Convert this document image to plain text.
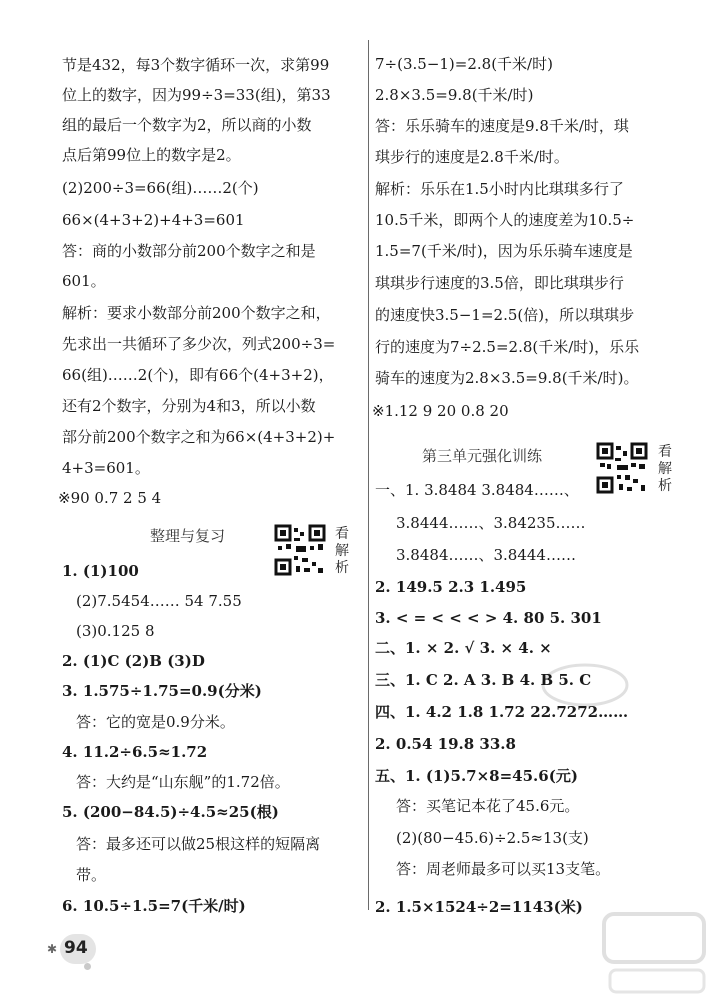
节是432，每3个数字循环一次，求第99
位上的数字，因为99÷3=33(组)，第33
组的最后一个数字为2，所以商的小数
点后第99位上的数字是2。
(2)200÷3=66(组)……2(个)
66×(4+3+2)+4+3=601
答：商的小数部分前200个数字之和是
601。
解析：要求小数部分前200个数字之和，
先求出一共循环了多少次，列式200÷3=
66(组)……2(个)，即有66个(4+3+2)，
还有2个数字，分别为4和3，所以小数
部分前200个数字之和为66×(4+3+2)+
4+3=601。
※90 0.7 2 5 4
整理与复习	看解析
1. (1)100
(2)7.5454…… 54 7.55
(3)0.125 8
2. (1)C (2)B (3)D
3. 1.575÷1.75=0.9(分米)
答：它的宽是0.9分米。
4. 11.2÷6.5≈1.72
答：大约是“山东舰”的1.72倍。
5. (200−84.5)÷4.5≈25(根)
答：最多还可以做25根这样的短隔离
带。
6. 10.5÷1.5=7(千米/时)
7÷(3.5−1)=2.8(千米/时)
2.8×3.5=9.8(千米/时)
答：乐乐骑车的速度是9.8千米/时，琪
琪步行的速度是2.8千米/时。
解析：乐乐在1.5小时内比琪琪多行了
10.5千米，即两个人的速度差为10.5÷
1.5=7(千米/时)，因为乐乐骑车速度是
琪琪步行速度的3.5倍，即比琪琪步行
的速度快3.5−1=2.5(倍)，所以琪琪步
行的速度为7÷2.5=2.8(千米/时)，乐乐
骑车的速度为2.8×3.5=9.8(千米/时)。
※1.12 9 20 0.8 20
第三单元强化训练	看解析
一、1. 3.8484 3.8484……、
3.8444……、3.84235……
3.8484……、3.8444……
2. 149.5 2.3 1.495
3. < = < < < > 4. 80 5. 301
二、1. × 2. √ 3. × 4. ×
三、1. C 2. A 3. B 4. B 5. C
四、1. 4.2 1.8 1.72 22.7272……
2. 0.54 19.8 33.8
五、1. (1)5.7×8=45.6(元)
答：买笔记本花了45.6元。
(2)(80−45.6)÷2.5≈13(支)
答：周老师最多可以买13支笔。
2. 1.5×1524÷2=1143(米)
✱ 94
